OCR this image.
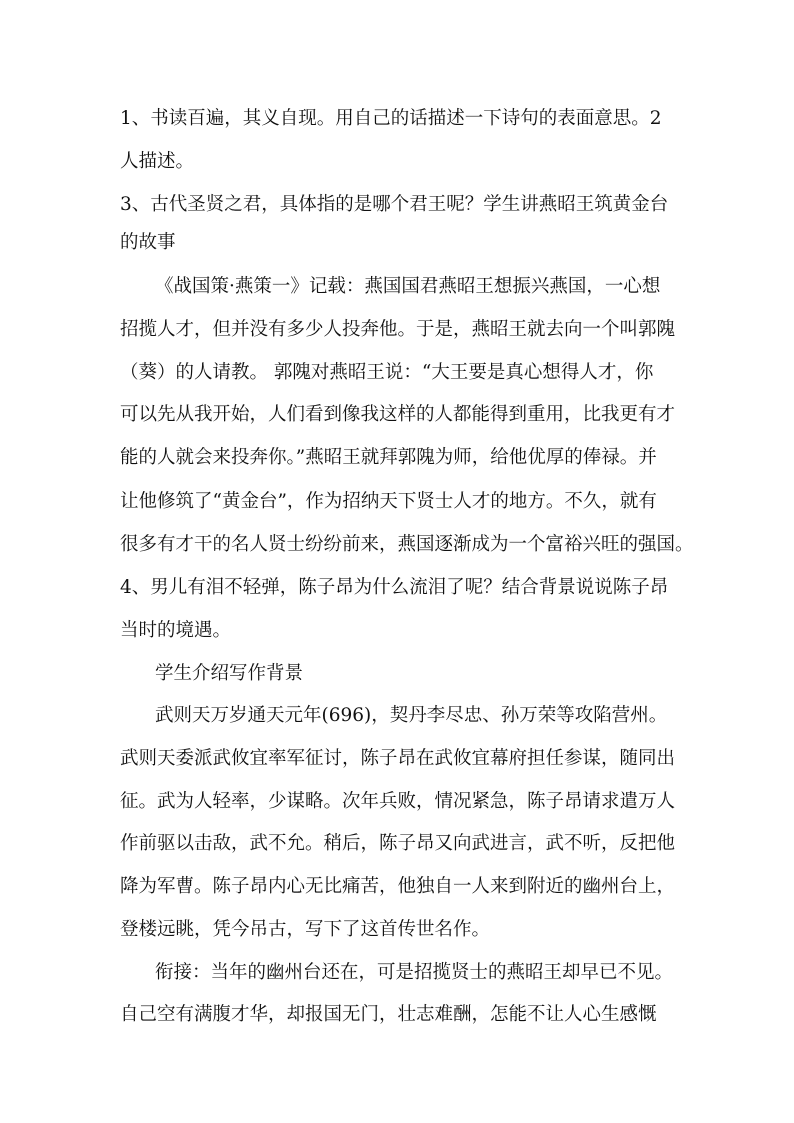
1、书读百遍，其义自现。用自己的话描述一下诗句的表面意思。2
人描述。
3、古代圣贤之君，具体指的是哪个君王呢？学生讲燕昭王筑黄金台
的故事
《战国策·燕策一》记载：燕国国君燕昭王想振兴燕国，一心想
招揽人才，但并没有多少人投奔他。于是，燕昭王就去向一个叫郭隗
（葵）的人请教。 郭隗对燕昭王说：“大王要是真心想得人才，你
可以先从我开始，人们看到像我这样的人都能得到重用，比我更有才
能的人就会来投奔你。”燕昭王就拜郭隗为师，给他优厚的俸禄。并
让他修筑了“黄金台”，作为招纳天下贤士人才的地方。不久，就有
很多有才干的名人贤士纷纷前来，燕国逐渐成为一个富裕兴旺的强国。
4、男儿有泪不轻弹，陈子昂为什么流泪了呢？结合背景说说陈子昂
当时的境遇。
学生介绍写作背景
武则天万岁通天元年(696)，契丹李尽忠、孙万荣等攻陷营州。
武则天委派武攸宜率军征讨，陈子昂在武攸宜幕府担任参谋，随同出
征。武为人轻率，少谋略。次年兵败，情况紧急，陈子昂请求遣万人
作前驱以击敌，武不允。稍后，陈子昂又向武进言，武不听，反把他
降为军曹。陈子昂内心无比痛苦，他独自一人来到附近的幽州台上，
登楼远眺，凭今吊古，写下了这首传世名作。
衔接：当年的幽州台还在，可是招揽贤士的燕昭王却早已不见。
自己空有满腹才华，却报国无门，壮志难酬，怎能不让人心生感慨
